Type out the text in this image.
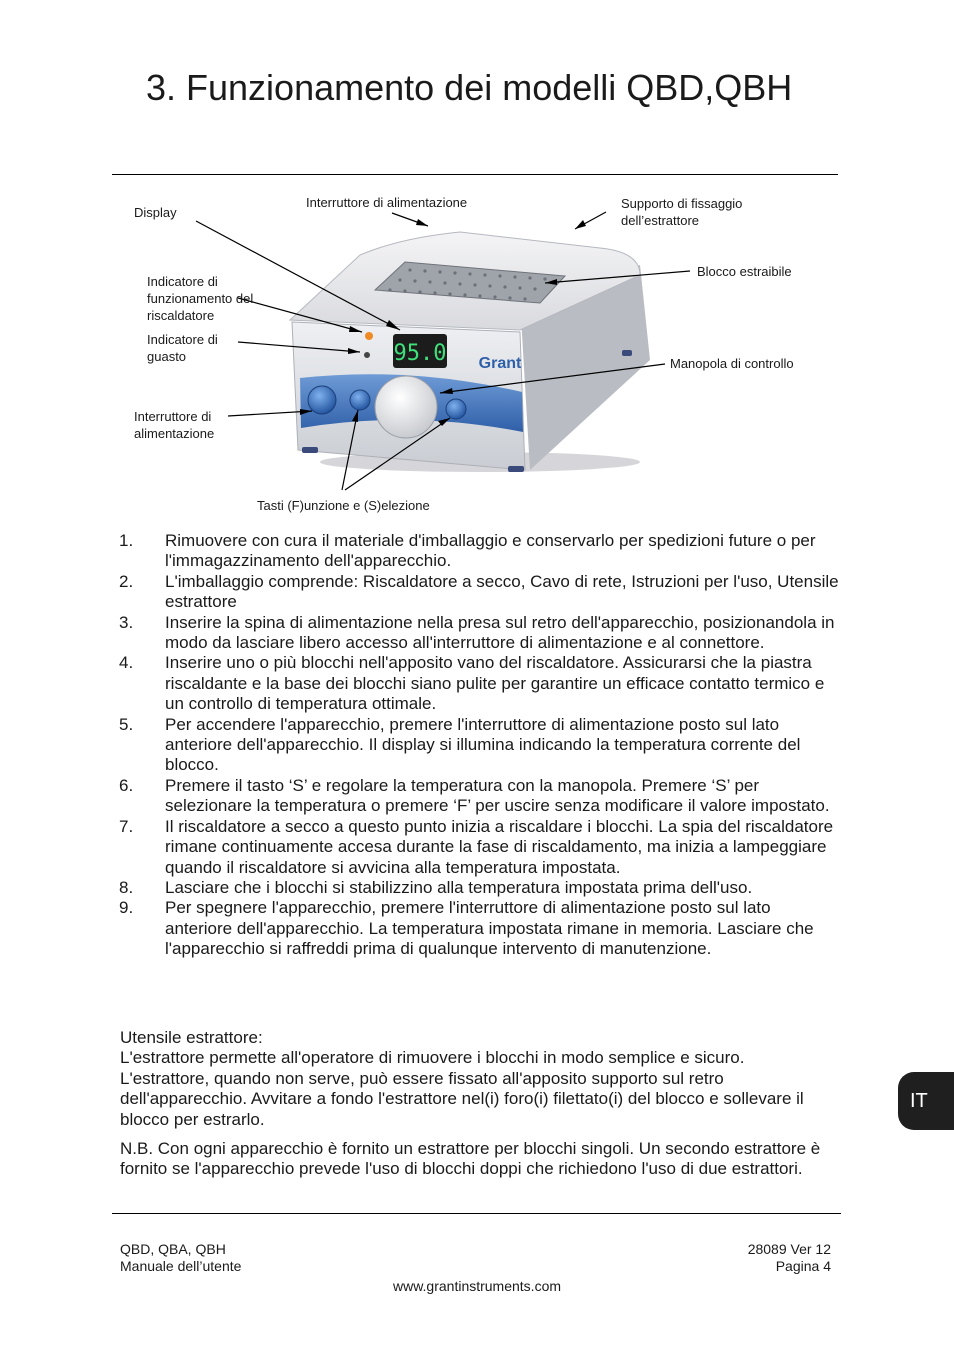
3. Funzionamento dei modelli QBD,QBH
95.0 Grant
Display
Interruttore di alimentazione	Supporto di fissaggio
dell’estrattore
Blocco estraibile
Indicatore di
funzionamento del
riscaldatore
Indicatore di
guasto	Manopola di controllo
Interruttore di
alimentazione
Tasti (F)unzione e (S)elezione
1. Rimuovere con cura il materiale d'imballaggio e conservarlo per spedizioni future o per l'immagazzinamento dell'apparecchio.
2. L'imballaggio comprende: Riscaldatore a secco, Cavo di rete, Istruzioni per l'uso, Utensile estrattore
3. Inserire la spina di alimentazione nella presa sul retro dell'apparecchio, posizionandola in modo da lasciare libero accesso all'interruttore di alimentazione e al connettore.
4. Inserire uno o più blocchi nell'apposito vano del riscaldatore. Assicurarsi che la piastra riscaldante e la base dei blocchi siano pulite per garantire un efficace contatto termico e un controllo di temperatura ottimale.
5. Per accendere l'apparecchio, premere l'interruttore di alimentazione posto sul lato anteriore dell'apparecchio. Il display si illumina indicando la temperatura corrente del blocco.
6. Premere il tasto ‘S’ e regolare la temperatura con la manopola. Premere ‘S’ per selezionare la temperatura o premere ‘F’ per uscire senza modificare il valore impostato.
7. Il riscaldatore a secco a questo punto inizia a riscaldare i blocchi. La spia del riscaldatore rimane continuamente accesa durante la fase di riscaldamento, ma inizia a lampeggiare quando il riscaldatore si avvicina alla temperatura impostata.
8. Lasciare che i blocchi si stabilizzino alla temperatura impostata prima dell'uso.
9. Per spegnere l'apparecchio, premere l'interruttore di alimentazione posto sul lato anteriore dell'apparecchio. La temperatura impostata rimane in memoria. Lasciare che l'apparecchio si raffreddi prima di qualunque intervento di manutenzione.
Utensile estrattore:
L'estrattore permette all'operatore di rimuovere i blocchi in modo semplice e sicuro. L'estrattore, quando non serve, può essere fissato all'apposito supporto sul retro dell'apparecchio. Avvitare a fondo l'estrattore nel(i) foro(i) filettato(i) del blocco e sollevare il blocco per estrarlo.

N.B. Con ogni apparecchio è fornito un estrattore per blocchi singoli. Un secondo estrattore è fornito se l'apparecchio prevede l'uso di blocchi doppi che richiedono l'uso di due estrattori.

IT
QBD, QBA, QBH
Manuale dell’utente
28089 Ver 12
Pagina 4
www.grantinstruments.com
